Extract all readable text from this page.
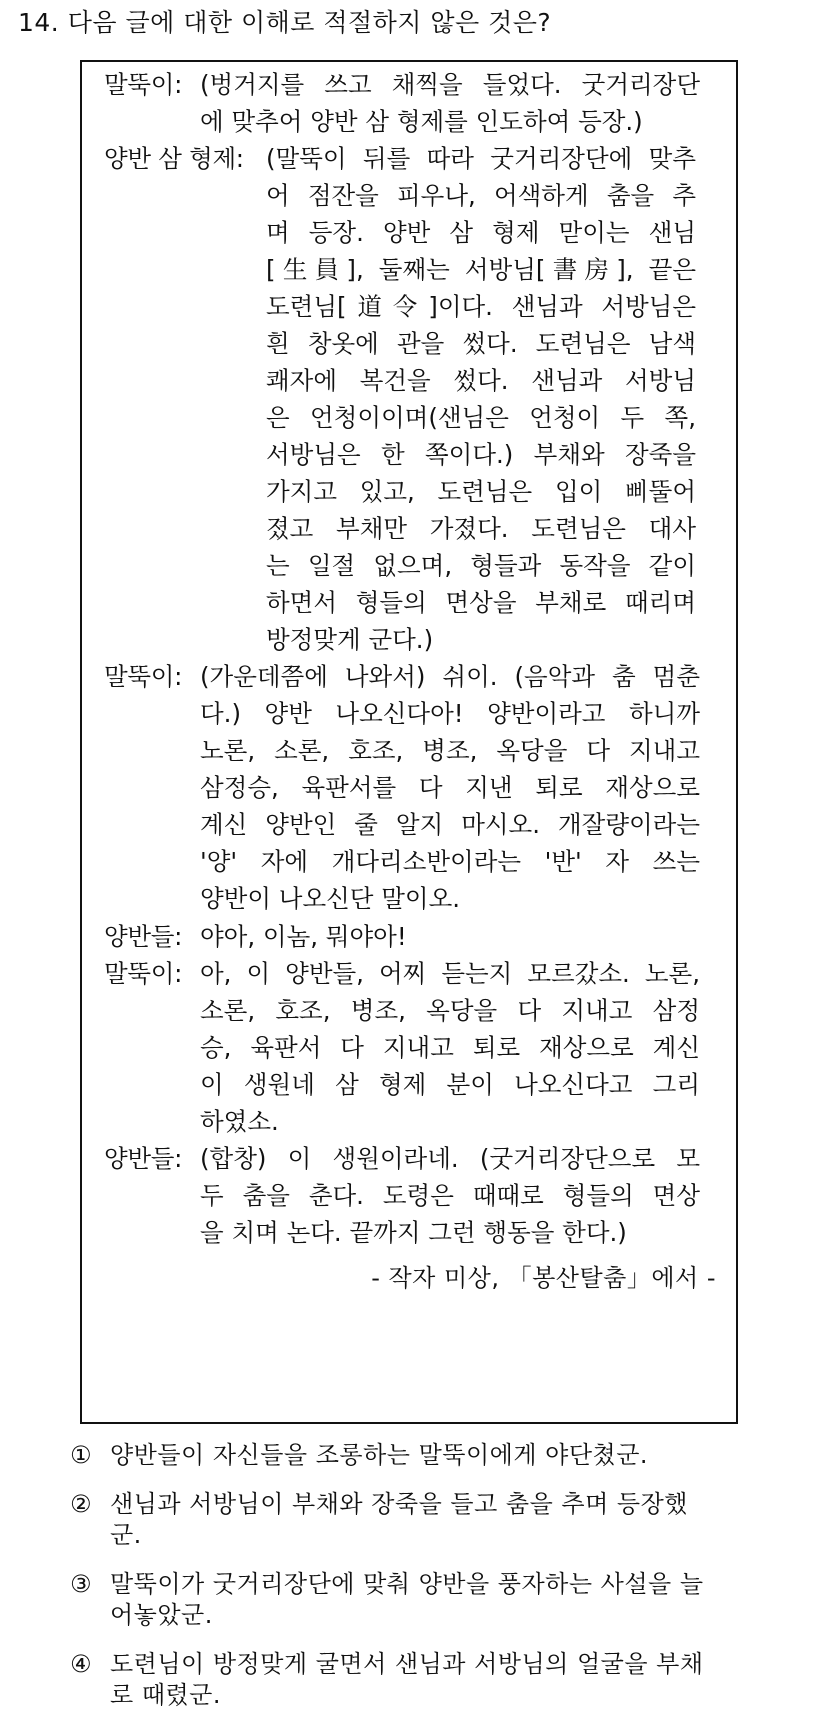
14. 다음 글에 대한 이해로 적절하지 않은 것은?
말뚝이: (벙거지를 쓰고 채찍을 들었다. 굿거리장단
에 맞추어 양반 삼 형제를 인도하여 등장.)
양반 삼 형제: (말뚝이 뒤를 따라 굿거리장단에 맞추
어 점잔을 피우나, 어색하게 춤을 추
며 등장. 양반 삼 형제 맏이는 샌님
[生員], 둘째는 서방님[書房], 끝은
도련님[道令]이다. 샌님과 서방님은
흰 창옷에 관을 썼다. 도련님은 남색
쾌자에 복건을 썼다. 샌님과 서방님
은 언청이이며(샌님은 언청이 두 쪽,
서방님은 한 쪽이다.) 부채와 장죽을
가지고 있고, 도련님은 입이 삐뚤어
졌고 부채만 가졌다. 도련님은 대사
는 일절 없으며, 형들과 동작을 같이
하면서 형들의 면상을 부채로 때리며
방정맞게 군다.)
말뚝이: (가운데쯤에 나와서) 쉬이. (음악과 춤 멈춘
다.) 양반 나오신다아! 양반이라고 하니까
노론, 소론, 호조, 병조, 옥당을 다 지내고
삼정승, 육판서를 다 지낸 퇴로 재상으로
계신 양반인 줄 알지 마시오. 개잘량이라는
'양' 자에 개다리소반이라는 '반' 자 쓰는
양반이 나오신단 말이오.
양반들: 야아, 이놈, 뭐야아!
말뚝이: 아, 이 양반들, 어찌 듣는지 모르갔소. 노론,
소론, 호조, 병조, 옥당을 다 지내고 삼정
승, 육판서 다 지내고 퇴로 재상으로 계신
이 생원네 삼 형제 분이 나오신다고 그리
하였소.
양반들: (합창) 이 생원이라네. (굿거리장단으로 모
두 춤을 춘다. 도령은 때때로 형들의 면상
을 치며 논다. 끝까지 그런 행동을 한다.)
- 작자 미상, 「봉산탈춤」에서 -
① 양반들이 자신들을 조롱하는 말뚝이에게 야단쳤군.
② 샌님과 서방님이 부채와 장죽을 들고 춤을 추며 등장했
군.
③ 말뚝이가 굿거리장단에 맞춰 양반을 풍자하는 사설을 늘
어놓았군.
④ 도련님이 방정맞게 굴면서 샌님과 서방님의 얼굴을 부채
로 때렸군.
